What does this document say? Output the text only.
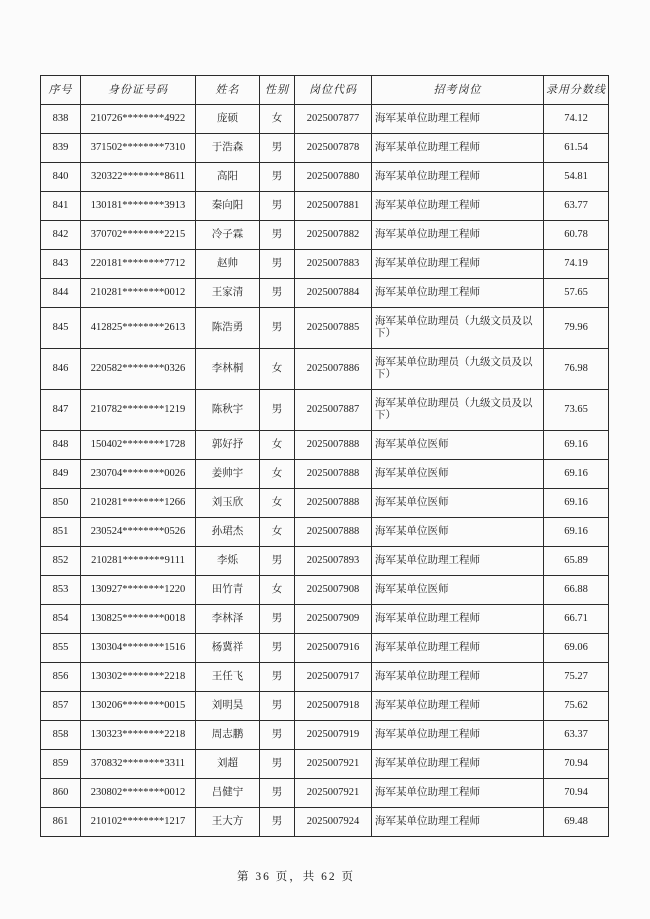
序号	身份证号码	姓名	性别	岗位代码	招考岗位	录用分数线
838	210726********4922	庞硕	女	2025007877	海军某单位助理工程师	74.12
839	371502********7310	于浩森	男	2025007878	海军某单位助理工程师	61.54
840	320322********8611	高阳	男	2025007880	海军某单位助理工程师	54.81
841	130181********3913	秦向阳	男	2025007881	海军某单位助理工程师	63.77
842	370702********2215	冷子霖	男	2025007882	海军某单位助理工程师	60.78
843	220181********7712	赵帅	男	2025007883	海军某单位助理工程师	74.19
844	210281********0012	王家清	男	2025007884	海军某单位助理工程师	57.65
845	412825********2613	陈浩勇	男	2025007885	海军某单位助理员（九级文员及以下）	79.96
846	220582********0326	李林桐	女	2025007886	海军某单位助理员（九级文员及以下）	76.98
847	210782********1219	陈秋宇	男	2025007887	海军某单位助理员（九级文员及以下）	73.65
848	150402********1728	郭好抒	女	2025007888	海军某单位医师	69.16
849	230704********0026	姜帅宇	女	2025007888	海军某单位医师	69.16
850	210281********1266	刘玉欣	女	2025007888	海军某单位医师	69.16
851	230524********0526	孙珺杰	女	2025007888	海军某单位医师	69.16
852	210281********9111	李烁	男	2025007893	海军某单位助理工程师	65.89
853	130927********1220	田竹青	女	2025007908	海军某单位医师	66.88
854	130825********0018	李林泽	男	2025007909	海军某单位助理工程师	66.71
855	130304********1516	杨冀祥	男	2025007916	海军某单位助理工程师	69.06
856	130302********2218	王任飞	男	2025007917	海军某单位助理工程师	75.27
857	130206********0015	刘明昊	男	2025007918	海军某单位助理工程师	75.62
858	130323********2218	周志鹏	男	2025007919	海军某单位助理工程师	63.37
859	370832********3311	刘超	男	2025007921	海军某单位助理工程师	70.94
860	230802********0012	吕健宁	男	2025007921	海军某单位助理工程师	70.94
861	210102********1217	王大方	男	2025007924	海军某单位助理工程师	69.48
第 36 页，共 62 页
